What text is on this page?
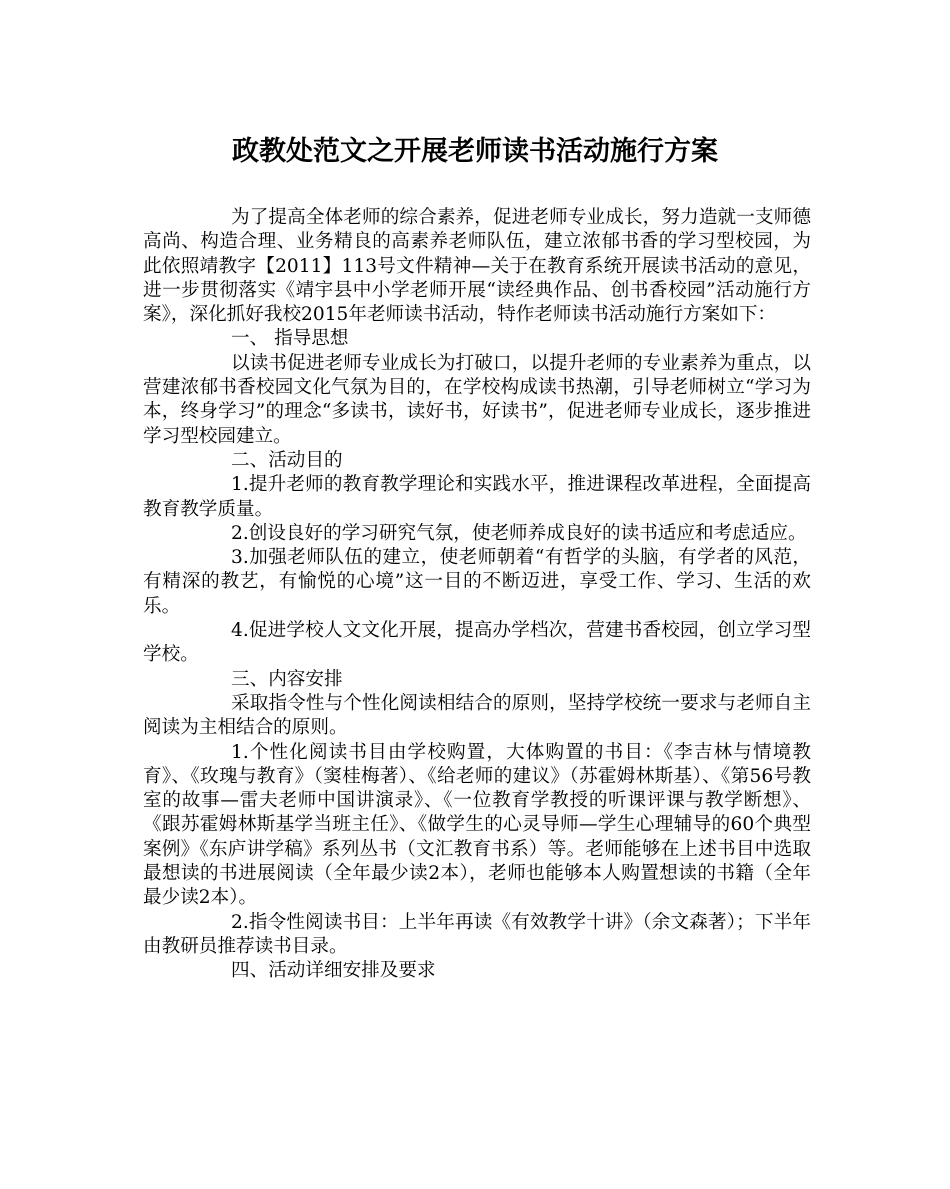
政教处范文之开展老师读书活动施行方案

为了提高全体老师的综合素养，促进老师专业成长，努力造就一支师德高尚、构造合理、业务精良的高素养老师队伍，建立浓郁书香的学习型校园，为此依照靖教字【2011】113号文件精神—关于在教育系统开展读书活动的意见，进一步贯彻落实《靖宇县中小学老师开展“读经典作品、创书香校园”活动施行方案》，深化抓好我校2015年老师读书活动，特作老师读书活动施行方案如下：

一、 指导思想

以读书促进老师专业成长为打破口，以提升老师的专业素养为重点，以营建浓郁书香校园文化气氛为目的，在学校构成读书热潮，引导老师树立“学习为本，终身学习”的理念“多读书，读好书，好读书”，促进老师专业成长，逐步推进学习型校园建立。

二、活动目的

1.提升老师的教育教学理论和实践水平，推进课程改革进程，全面提高教育教学质量。

2.创设良好的学习研究气氛，使老师养成良好的读书适应和考虑适应。

3.加强老师队伍的建立，使老师朝着“有哲学的头脑，有学者的风范，有精深的教艺，有愉悦的心境”这一目的不断迈进，享受工作、学习、生活的欢乐。

4.促进学校人文文化开展，提高办学档次，营建书香校园，创立学习型学校。

三、内容安排

采取指令性与个性化阅读相结合的原则，坚持学校统一要求与老师自主阅读为主相结合的原则。

1.个性化阅读书目由学校购置，大体购置的书目：《李吉林与情境教育》、《玫瑰与教育》（窦桂梅著）、《给老师的建议》（苏霍姆林斯基）、《第56号教室的故事—雷夫老师中国讲演录》、《一位教育学教授的听课评课与教学断想》、《跟苏霍姆林斯基学当班主任》、《做学生的心灵导师—学生心理辅导的60个典型案例》《东庐讲学稿》系列丛书（文汇教育书系）等。老师能够在上述书目中选取最想读的书进展阅读（全年最少读2本），老师也能够本人购置想读的书籍（全年最少读2本）。

2.指令性阅读书目：上半年再读《有效教学十讲》（余文森著）；下半年由教研员推荐读书目录。

四、活动详细安排及要求
